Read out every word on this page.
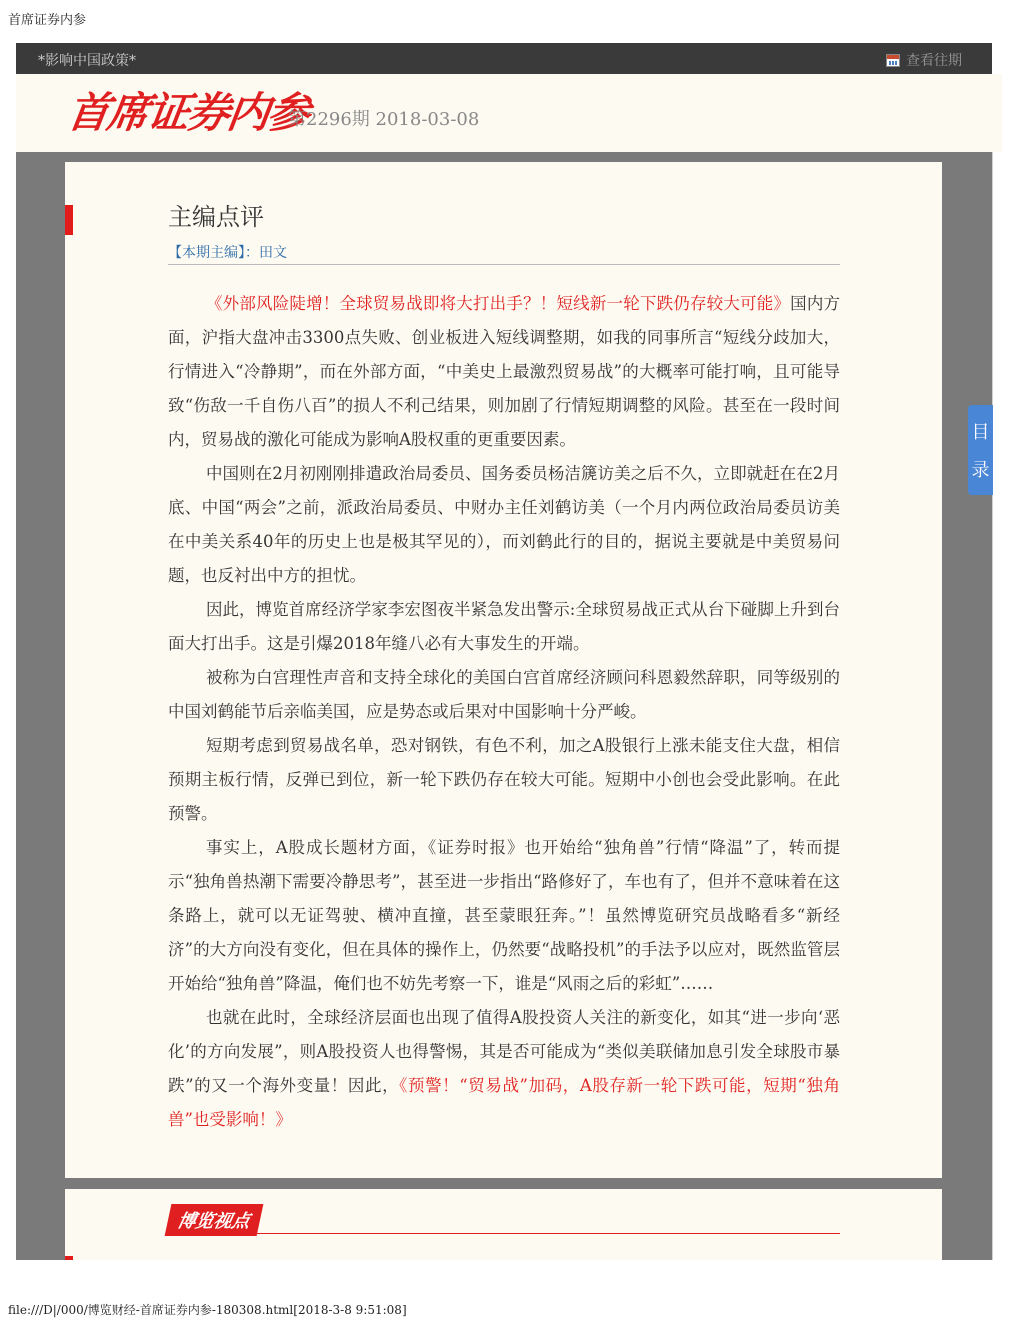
首席证券内参
*影响中国政策*	查看往期
首席证券内参
第2296期 2018-03-08
主编点评
【本期主编】：田文

《外部风险陡增！全球贸易战即将大打出手？！短线新一轮下跌仍存较大可能》国内方面，沪指大盘冲击3300点失败、创业板进入短线调整期，如我的同事所言“短线分歧加大，行情进入“冷静期”，而在外部方面，“中美史上最激烈贸易战”的大概率可能打响，且可能导致“伤敌一千自伤八百”的损人不利己结果，则加剧了行情短期调整的风险。甚至在一段时间内，贸易战的激化可能成为影响A股权重的更重要因素。

中国则在2月初刚刚排遣政治局委员、国务委员杨洁篪访美之后不久，立即就赶在在2月底、中国“两会”之前，派政治局委员、中财办主任刘鹤访美（一个月内两位政治局委员访美在中美关系40年的历史上也是极其罕见的），而刘鹤此行的目的，据说主要就是中美贸易问题，也反衬出中方的担忧。

因此，博览首席经济学家李宏图夜半紧急发出警示:全球贸易战正式从台下碰脚上升到台面大打出手。这是引爆2018年缝八必有大事发生的开端。

被称为白宫理性声音和支持全球化的美国白宫首席经济顾问科恩毅然辞职，同等级别的中国刘鹤能节后亲临美国，应是势态或后果对中国影响十分严峻。

短期考虑到贸易战名单，恐对钢铁，有色不利，加之A股银行上涨未能支住大盘，相信预期主板行情，反弹已到位，新一轮下跌仍存在较大可能。短期中小创也会受此影响。在此预警。

事实上，A股成长题材方面，《证券时报》也开始给“独角兽”行情“降温”了，转而提示“独角兽热潮下需要冷静思考”，甚至进一步指出“路修好了，车也有了，但并不意味着在这条路上，就可以无证驾驶、横冲直撞，甚至蒙眼狂奔。”！虽然博览研究员战略看多“新经济”的大方向没有变化，但在具体的操作上，仍然要“战略投机”的手法予以应对，既然监管层开始给“独角兽”降温，俺们也不妨先考察一下，谁是“风雨之后的彩虹”……

也就在此时，全球经济层面也出现了值得A股投资人关注的新变化，如其“进一步向‘恶化’的方向发展”，则A股投资人也得警惕，其是否可能成为“类似美联储加息引发全球股市暴跌”的又一个海外变量！因此，《预警！“贸易战”加码，A股存新一轮下跌可能，短期“独角兽”也受影响！》

博览视点
目
录
file:///D|/000/博览财经-首席证券内参-180308.html[2018-3-8 9:51:08]
